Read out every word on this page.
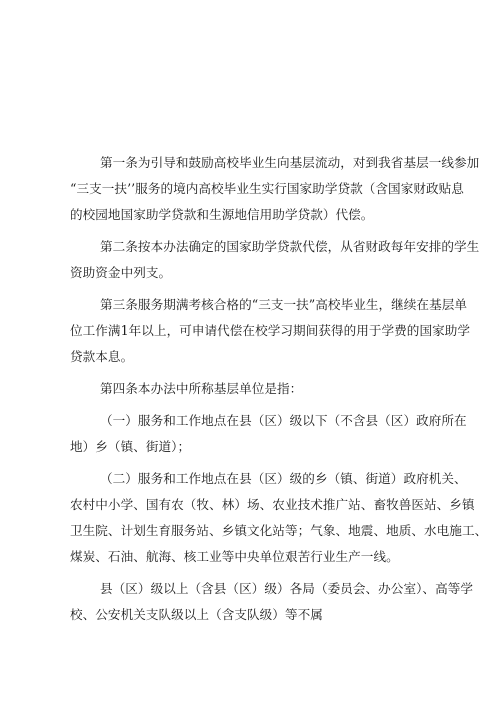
第一条为引导和鼓励高校毕业生向基层流动，对到我省基层一线参加
“三支一扶’’服务的境内高校毕业生实行国家助学贷款（含国家财政贴息
的校园地国家助学贷款和生源地信用助学贷款）代偿。

第二条按本办法确定的国家助学贷款代偿，从省财政每年安排的学生
资助资金中列支。

第三条服务期满考核合格的“三支一扶”高校毕业生，继续在基层单
位工作满1年以上，可申请代偿在校学习期间获得的用于学费的国家助学
贷款本息。

第四条本办法中所称基层单位是指：

（一）服务和工作地点在县（区）级以下（不含县（区）政府所在
地）乡（镇、街道）；

（二）服务和工作地点在县（区）级的乡（镇、街道）政府机关、
农村中小学、国有农（牧、林）场、农业技术推广站、畜牧兽医站、乡镇
卫生院、计划生育服务站、乡镇文化站等；气象、地震、地质、水电施工、
煤炭、石油、航海、核工业等中央单位艰苦行业生产一线。

县（区）级以上（含县（区）级）各局（委员会、办公室）、高等学
校、公安机关支队级以上（含支队级）等不属
